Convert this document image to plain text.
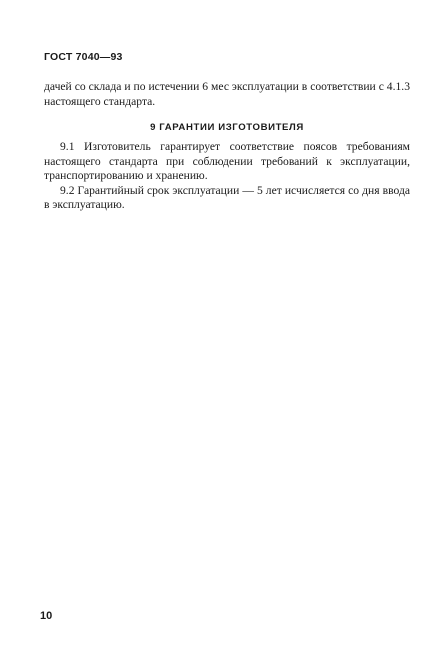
ГОСТ 7040—93
дачей со склада и по истечении 6 мес эксплуатации в соответствии с 4.1.3 настоящего стандарта.
9 ГАРАНТИИ ИЗГОТОВИТЕЛЯ
9.1 Изготовитель гарантирует соответствие поясов требованиям настоящего стандарта при соблюдении требований к эксплуатации, транспортированию и хранению.
9.2 Гарантийный срок эксплуатации — 5 лет исчисляется со дня ввода в эксплуатацию.
10
